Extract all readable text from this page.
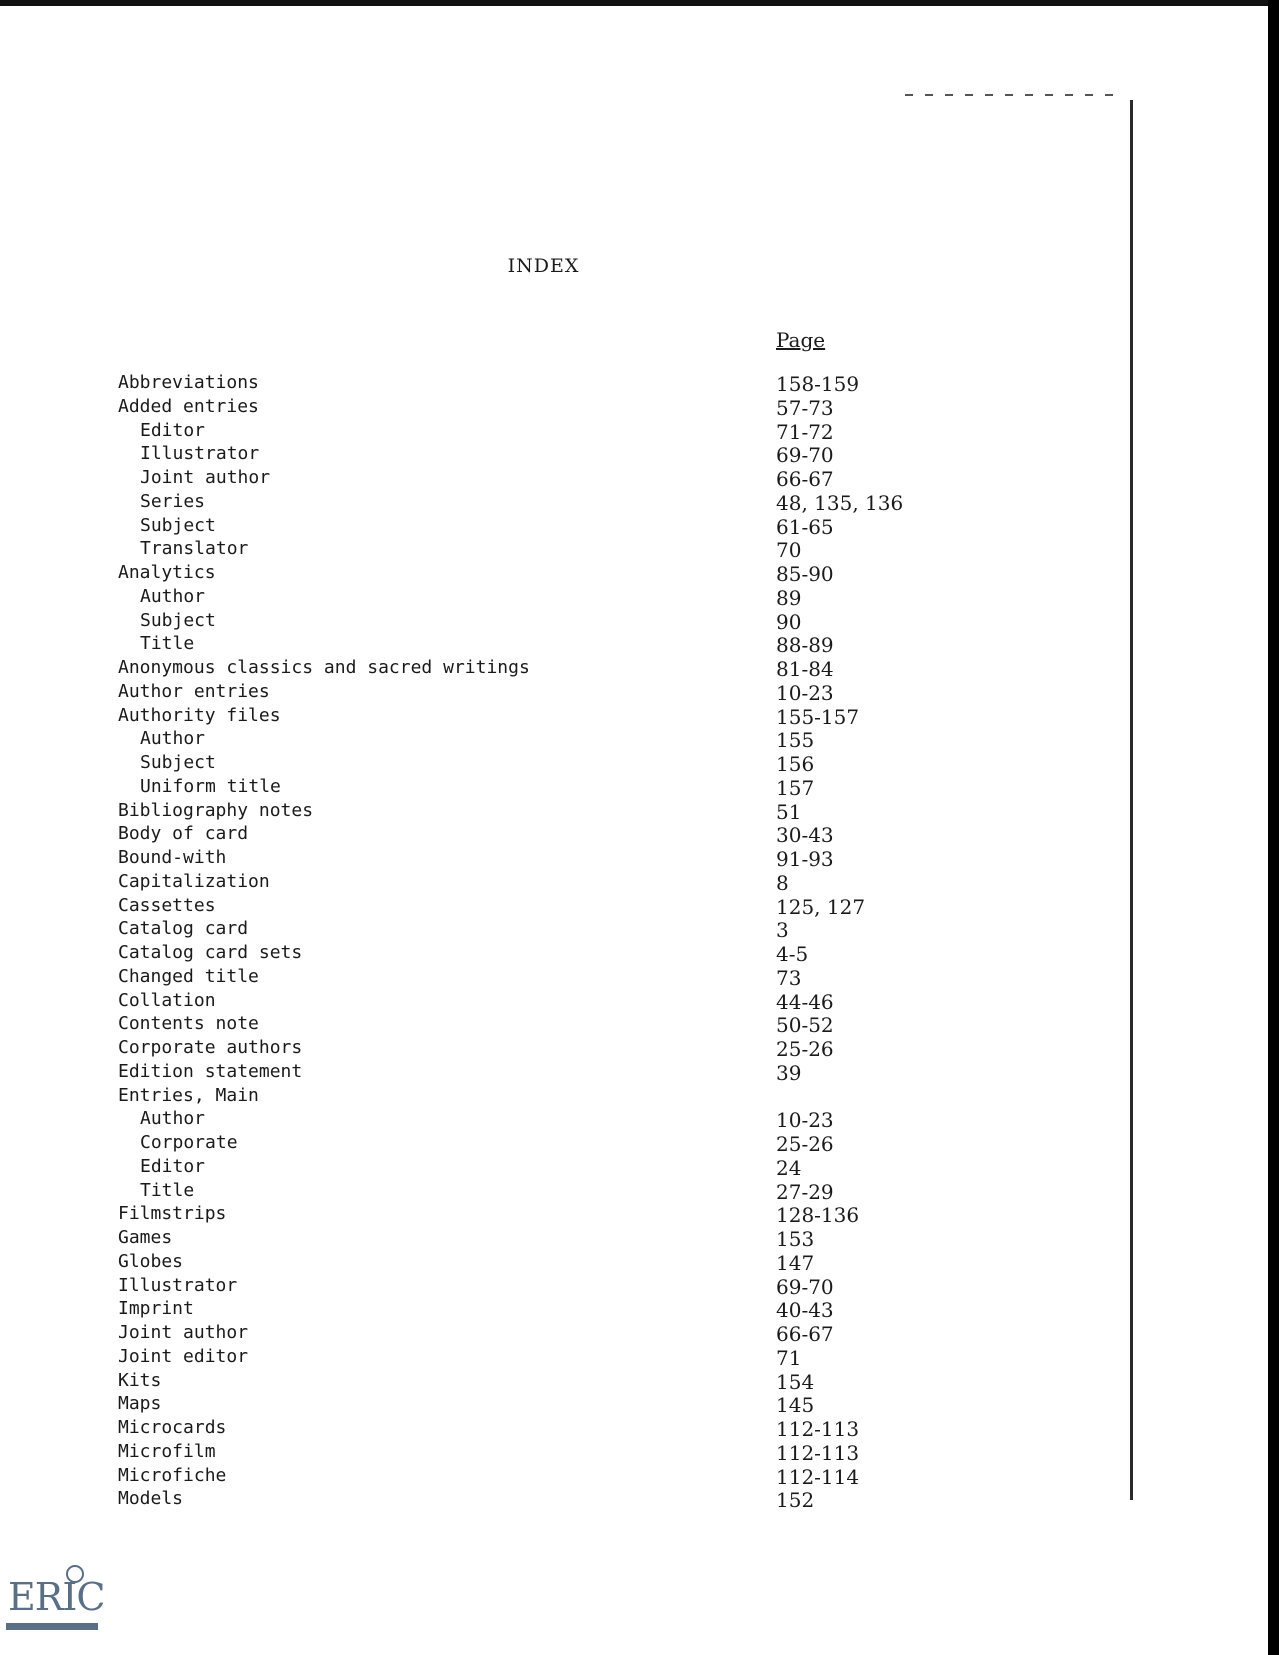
INDEX
Page
Abbreviations	158-159
Added entries	57-73
Editor	71-72
Illustrator	69-70
Joint author	66-67
Series	48, 135, 136
Subject	61-65
Translator	70
Analytics	85-90
Author	89
Subject	90
Title	88-89
Anonymous classics and sacred writings	81-84
Author entries	10-23
Authority files	155-157
Author	155
Subject	156
Uniform title	157
Bibliography notes	51
Body of card	30-43
Bound-with	91-93
Capitalization	8
Cassettes	125, 127
Catalog card	3
Catalog card sets	4-5
Changed title	73
Collation	44-46
Contents note	50-52
Corporate authors	25-26
Edition statement	39
Entries, Main
Author	10-23
Corporate	25-26
Editor	24
Title	27-29
Filmstrips	128-136
Games	153
Globes	147
Illustrator	69-70
Imprint	40-43
Joint author	66-67
Joint editor	71
Kits	154
Maps	145
Microcards	112-113
Microfilm	112-113
Microfiche	112-114
Models	152
ERIC
